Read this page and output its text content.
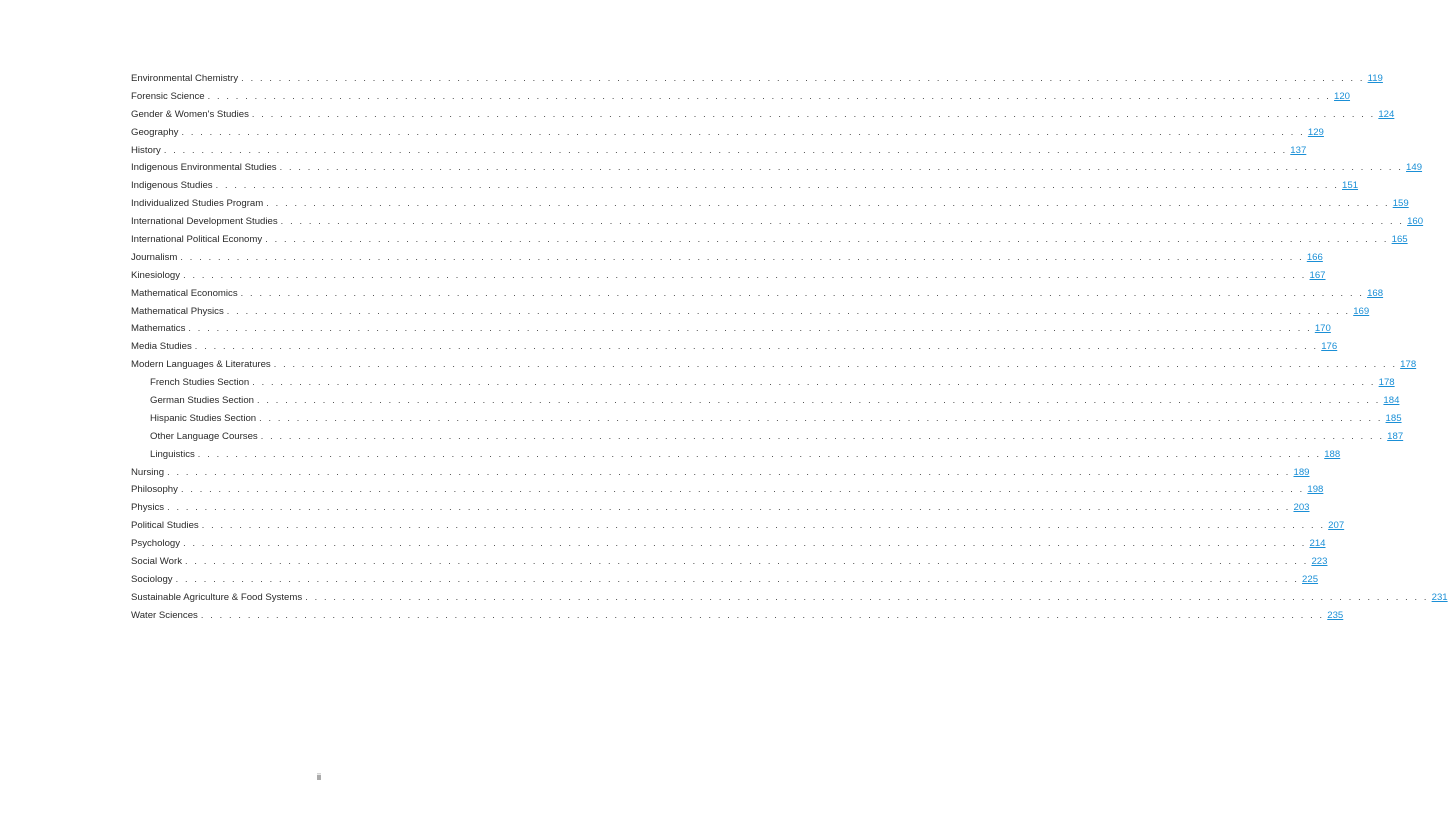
Environmental Chemistry . . . . . . . . . . . . . . . . . . . . . . . . . . . . . . . . . . . . . . . . . . . . . . . . . . . . . . . . . . . . . . . . . . . . . . . . . . . . . . . . . . . . . . . . . . . . . . . . . . . . . . . . . . . . . . . . . . . . . . . . 119
Forensic Science . . . . . . . . . . . . . . . . . . . . . . . . . . . . . . . . . . . . . . . . . . . . . . . . . . . . . . . . . . . . . . . . . . . . . . . . . . . . . . . . . . . . . . . . . . . . . . . . . . . . . . . . . . . . . . . . . . . . . . . . 120
Gender & Women's Studies . . . . . . . . . . . . . . . . . . . . . . . . . . . . . . . . . . . . . . . . . . . . . . . . . . . . . . . . . . . . . . . . . . . . . . . . . . . . . . . . . . . . . . . . . . . . . . . . . . . . . . . . . . . . . . . . . . . . . . . . 124
Geography . . . . . . . . . . . . . . . . . . . . . . . . . . . . . . . . . . . . . . . . . . . . . . . . . . . . . . . . . . . . . . . . . . . . . . . . . . . . . . . . . . . . . . . . . . . . . . . . . . . . . . . . . . . . . . . . . . . . . . . . 129
History . . . . . . . . . . . . . . . . . . . . . . . . . . . . . . . . . . . . . . . . . . . . . . . . . . . . . . . . . . . . . . . . . . . . . . . . . . . . . . . . . . . . . . . . . . . . . . . . . . . . . . . . . . . . . . . . . . . . . . . . 137
Indigenous Environmental Studies . . . . . . . . . . . . . . . . . . . . . . . . . . . . . . . . . . . . . . . . . . . . . . . . . . . . . . . . . . . . . . . . . . . . . . . . . . . . . . . . . . . . . . . . . . . . . . . . . . . . . . . . . . . . . . . . . . . . . . . . 149
Indigenous Studies . . . . . . . . . . . . . . . . . . . . . . . . . . . . . . . . . . . . . . . . . . . . . . . . . . . . . . . . . . . . . . . . . . . . . . . . . . . . . . . . . . . . . . . . . . . . . . . . . . . . . . . . . . . . . . . . . . . . . . . . 151
Individualized Studies Program . . . . . . . . . . . . . . . . . . . . . . . . . . . . . . . . . . . . . . . . . . . . . . . . . . . . . . . . . . . . . . . . . . . . . . . . . . . . . . . . . . . . . . . . . . . . . . . . . . . . . . . . . . . . . . . . . . . . . . . . 159
International Development Studies . . . . . . . . . . . . . . . . . . . . . . . . . . . . . . . . . . . . . . . . . . . . . . . . . . . . . . . . . . . . . . . . . . . . . . . . . . . . . . . . . . . . . . . . . . . . . . . . . . . . . . . . . . . . . . . . . . . . . . . . 160
International Political Economy . . . . . . . . . . . . . . . . . . . . . . . . . . . . . . . . . . . . . . . . . . . . . . . . . . . . . . . . . . . . . . . . . . . . . . . . . . . . . . . . . . . . . . . . . . . . . . . . . . . . . . . . . . . . . . . . . . . . . . . . 165
Journalism . . . . . . . . . . . . . . . . . . . . . . . . . . . . . . . . . . . . . . . . . . . . . . . . . . . . . . . . . . . . . . . . . . . . . . . . . . . . . . . . . . . . . . . . . . . . . . . . . . . . . . . . . . . . . . . . . . . . . . . . 166
Kinesiology . . . . . . . . . . . . . . . . . . . . . . . . . . . . . . . . . . . . . . . . . . . . . . . . . . . . . . . . . . . . . . . . . . . . . . . . . . . . . . . . . . . . . . . . . . . . . . . . . . . . . . . . . . . . . . . . . . . . . . . . 167
Mathematical Economics . . . . . . . . . . . . . . . . . . . . . . . . . . . . . . . . . . . . . . . . . . . . . . . . . . . . . . . . . . . . . . . . . . . . . . . . . . . . . . . . . . . . . . . . . . . . . . . . . . . . . . . . . . . . . . . . . . . . . . . . 168
Mathematical Physics . . . . . . . . . . . . . . . . . . . . . . . . . . . . . . . . . . . . . . . . . . . . . . . . . . . . . . . . . . . . . . . . . . . . . . . . . . . . . . . . . . . . . . . . . . . . . . . . . . . . . . . . . . . . . . . . . . . . . . . . 169
Mathematics . . . . . . . . . . . . . . . . . . . . . . . . . . . . . . . . . . . . . . . . . . . . . . . . . . . . . . . . . . . . . . . . . . . . . . . . . . . . . . . . . . . . . . . . . . . . . . . . . . . . . . . . . . . . . . . . . . . . . . . . 170
Media Studies . . . . . . . . . . . . . . . . . . . . . . . . . . . . . . . . . . . . . . . . . . . . . . . . . . . . . . . . . . . . . . . . . . . . . . . . . . . . . . . . . . . . . . . . . . . . . . . . . . . . . . . . . . . . . . . . . . . . . . . . 176
Modern Languages & Literatures . . . . . . . . . . . . . . . . . . . . . . . . . . . . . . . . . . . . . . . . . . . . . . . . . . . . . . . . . . . . . . . . . . . . . . . . . . . . . . . . . . . . . . . . . . . . . . . . . . . . . . . . . . . . . . . . . . . . . . . . 178
French Studies Section . . . . . . . . . . . . . . . . . . . . . . . . . . . . . . . . . . . . . . . . . . . . . . . . . . . . . . . . . . . . . . . . . . . . . . . . . . . . . . . . . . . . . . . . . . . . . . . . . . . . . . . . . . . . . . . . . . . . . . . . 178
German Studies Section . . . . . . . . . . . . . . . . . . . . . . . . . . . . . . . . . . . . . . . . . . . . . . . . . . . . . . . . . . . . . . . . . . . . . . . . . . . . . . . . . . . . . . . . . . . . . . . . . . . . . . . . . . . . . . . . . . . . . . . . 184
Hispanic Studies Section . . . . . . . . . . . . . . . . . . . . . . . . . . . . . . . . . . . . . . . . . . . . . . . . . . . . . . . . . . . . . . . . . . . . . . . . . . . . . . . . . . . . . . . . . . . . . . . . . . . . . . . . . . . . . . . . . . . . . . . . 185
Other Language Courses . . . . . . . . . . . . . . . . . . . . . . . . . . . . . . . . . . . . . . . . . . . . . . . . . . . . . . . . . . . . . . . . . . . . . . . . . . . . . . . . . . . . . . . . . . . . . . . . . . . . . . . . . . . . . . . . . . . . . . . . 187
Linguistics . . . . . . . . . . . . . . . . . . . . . . . . . . . . . . . . . . . . . . . . . . . . . . . . . . . . . . . . . . . . . . . . . . . . . . . . . . . . . . . . . . . . . . . . . . . . . . . . . . . . . . . . . . . . . . . . . . . . . . . . 188
Nursing . . . . . . . . . . . . . . . . . . . . . . . . . . . . . . . . . . . . . . . . . . . . . . . . . . . . . . . . . . . . . . . . . . . . . . . . . . . . . . . . . . . . . . . . . . . . . . . . . . . . . . . . . . . . . . . . . . . . . . . . 189
Philosophy . . . . . . . . . . . . . . . . . . . . . . . . . . . . . . . . . . . . . . . . . . . . . . . . . . . . . . . . . . . . . . . . . . . . . . . . . . . . . . . . . . . . . . . . . . . . . . . . . . . . . . . . . . . . . . . . . . . . . . . . 198
Physics . . . . . . . . . . . . . . . . . . . . . . . . . . . . . . . . . . . . . . . . . . . . . . . . . . . . . . . . . . . . . . . . . . . . . . . . . . . . . . . . . . . . . . . . . . . . . . . . . . . . . . . . . . . . . . . . . . . . . . . . 203
Political Studies . . . . . . . . . . . . . . . . . . . . . . . . . . . . . . . . . . . . . . . . . . . . . . . . . . . . . . . . . . . . . . . . . . . . . . . . . . . . . . . . . . . . . . . . . . . . . . . . . . . . . . . . . . . . . . . . . . . . . . . . 207
Psychology . . . . . . . . . . . . . . . . . . . . . . . . . . . . . . . . . . . . . . . . . . . . . . . . . . . . . . . . . . . . . . . . . . . . . . . . . . . . . . . . . . . . . . . . . . . . . . . . . . . . . . . . . . . . . . . . . . . . . . . . 214
Social Work . . . . . . . . . . . . . . . . . . . . . . . . . . . . . . . . . . . . . . . . . . . . . . . . . . . . . . . . . . . . . . . . . . . . . . . . . . . . . . . . . . . . . . . . . . . . . . . . . . . . . . . . . . . . . . . . . . . . . . . . 223
Sociology . . . . . . . . . . . . . . . . . . . . . . . . . . . . . . . . . . . . . . . . . . . . . . . . . . . . . . . . . . . . . . . . . . . . . . . . . . . . . . . . . . . . . . . . . . . . . . . . . . . . . . . . . . . . . . . . . . . . . . . . 225
Sustainable Agriculture & Food Systems . . . . . . . . . . . . . . . . . . . . . . . . . . . . . . . . . . . . . . . . . . . . . . . . . . . . . . . . . . . . . . . . . . . . . . . . . . . . . . . . . . . . . . . . . . . . . . . . . . . . . . . . . . . . . . . . . . . . . . . . 231
Water Sciences . . . . . . . . . . . . . . . . . . . . . . . . . . . . . . . . . . . . . . . . . . . . . . . . . . . . . . . . . . . . . . . . . . . . . . . . . . . . . . . . . . . . . . . . . . . . . . . . . . . . . . . . . . . . . . . . . . . . . . . . 235
ii
